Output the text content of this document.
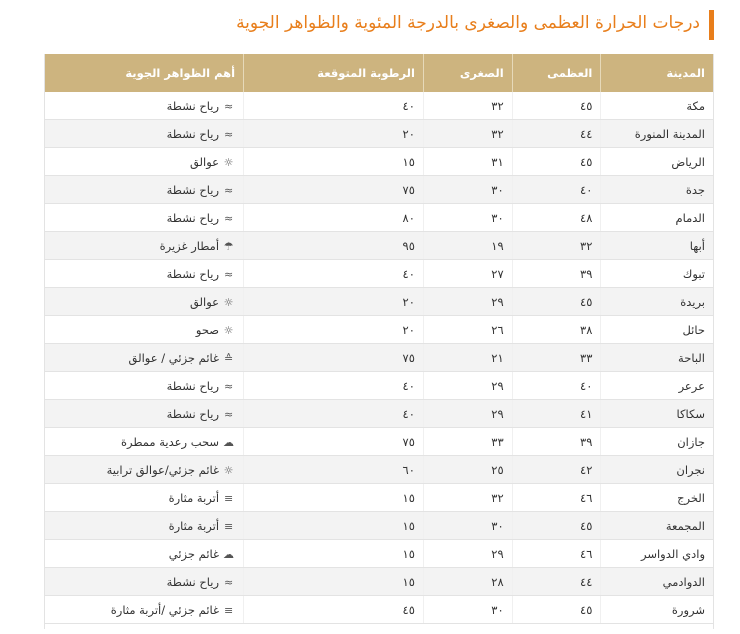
درجات الحرارة العظمى والصغرى بالدرجة المئوية والظواهر الجوية
المدينة	العظمى	الصغرى	الرطوبة المتوقعة	أهم الظواهر الجوية
مكة	٤٥	٣٢	٤٠	≈رياح نشطة
المدينة المنورة	٤٤	٣٢	٢٠	≈رياح نشطة
الرياض	٤٥	٣١	١٥	☼عوالق
جدة	٤٠	٣٠	٧٥	≈رياح نشطة
الدمام	٤٨	٣٠	٨٠	≈رياح نشطة
أبها	٣٢	١٩	٩٥	☂أمطار غزيرة
تبوك	٣٩	٢٧	٤٠	≈رياح نشطة
بريدة	٤٥	٢٩	٢٠	☼عوالق
حائل	٣٨	٢٦	٢٠	☼صحو
الباحة	٣٣	٢١	٧٥	≙غائم جزئي / عوالق
عرعر	٤٠	٢٩	٤٠	≈رياح نشطة
سكاكا	٤١	٢٩	٤٠	≈رياح نشطة
جازان	٣٩	٣٣	٧٥	☁سحب رعدية ممطرة
نجران	٤٢	٢٥	٦٠	☼غائم جزئي/عوالق ترابية
الخرج	٤٦	٣٢	١٥	≡أتربة مثارة
المجمعة	٤٥	٣٠	١٥	≡أتربة مثارة
وادي الدواسر	٤٦	٢٩	١٥	☁غائم جزئي
الدوادمي	٤٤	٢٨	١٥	≈رياح نشطة
شرورة	٤٥	٣٠	٤٥	≡غائم جزئي /أتربة مثارة
